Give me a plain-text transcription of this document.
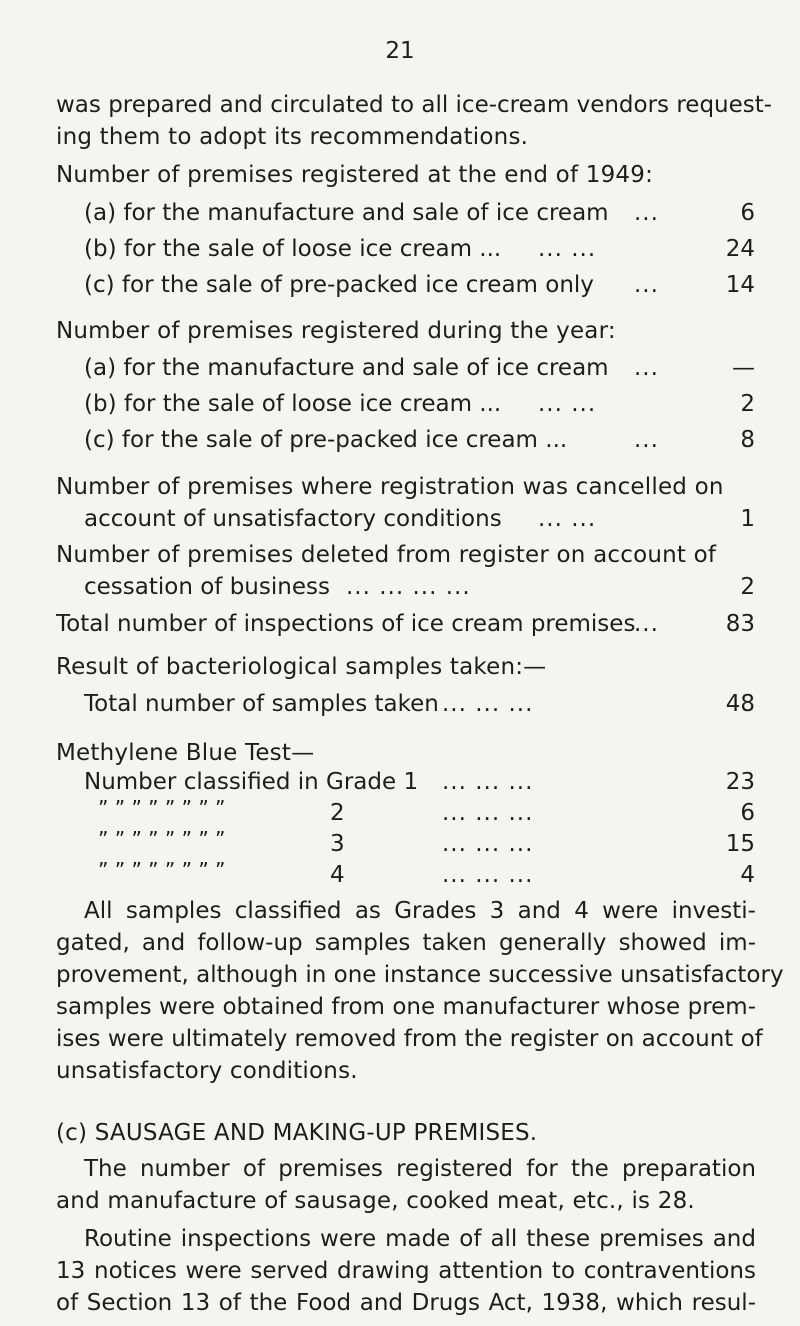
21
was prepared and circulated to all ice-cream vendors request-
ing them to adopt its recommendations.
Number of premises registered at the end of 1949:
(a) for the manufacture and sale of ice cream ...	6
(b) for the sale of loose ice cream ... ... ...	24
(c) for the sale of pre-packed ice cream only ...	14
Number of premises registered during the year:
(a) for the manufacture and sale of ice cream ...	—
(b) for the sale of loose ice cream ... ... ...	2
(c) for the sale of pre-packed ice cream ...	...	8
Number of premises where registration was cancelled on
account of unsatisfactory conditions ... ...	1
Number of premises deleted from register on account of
cessation of business ... ... ... ...	2
Total number of inspections of ice cream premises
...	83
Result of bacteriological samples taken:—
Total number of samples taken ... ... ...	48
Methylene Blue Test—
Number classified in Grade 1 ... ... ...	23
” ” ” ” ” ” ” ”	2	... ... ...	6
” ” ” ” ” ” ” ”	3	... ... ...	15
” ” ” ” ” ” ” ”	4	... ... ...	4
All samples classified as Grades 3 and 4 were investi-
gated, and follow-up samples taken generally showed im-
provement, although in one instance successive unsatisfactory
samples were obtained from one manufacturer whose prem-
ises were ultimately removed from the register on account of
unsatisfactory conditions.
(c) SAUSAGE AND MAKING-UP PREMISES.
The number of premises registered for the preparation
and manufacture of sausage, cooked meat, etc., is 28.
Routine inspections were made of all these premises and
13 notices were served drawing attention to contraventions
of Section 13 of the Food and Drugs Act, 1938, which resul-
